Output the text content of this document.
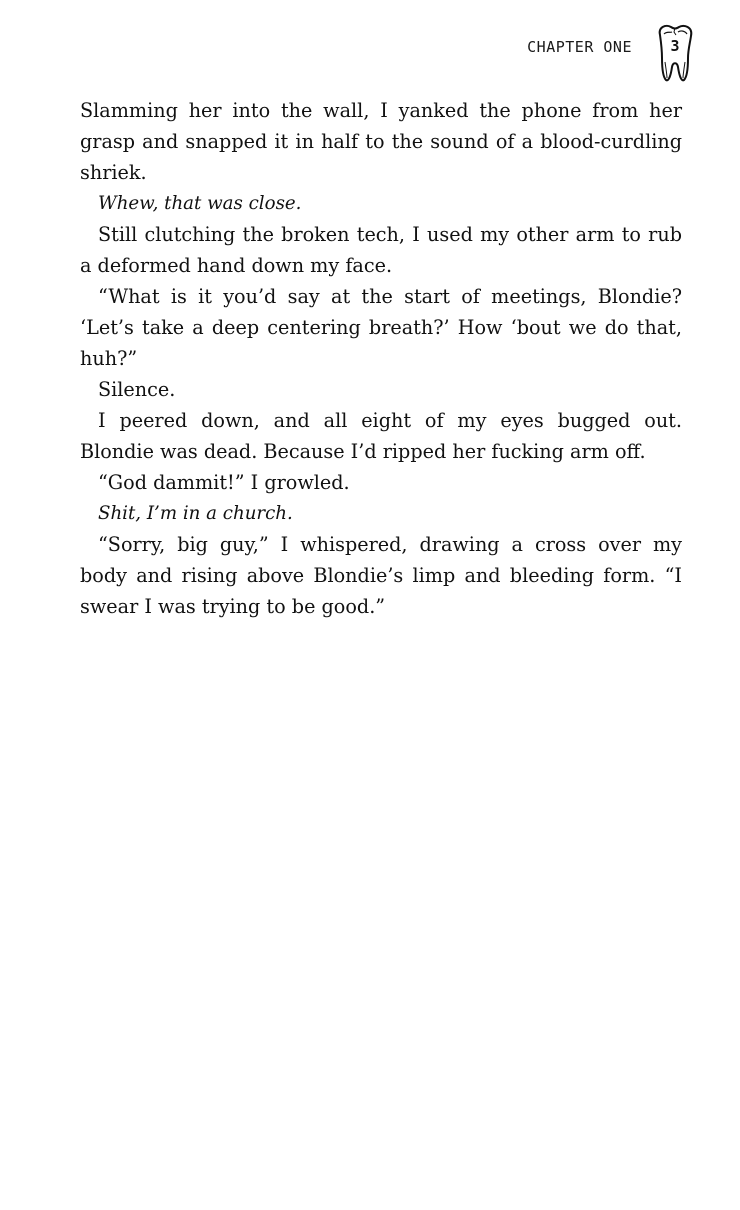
CHAPTER ONE	3

Slamming her into the wall, I yanked the phone from her grasp and snapped it in half to the sound of a blood-curdling shriek.

Whew, that was close.

Still clutching the broken tech, I used my other arm to rub a deformed hand down my face.

“What is it you’d say at the start of meetings, Blondie? ‘Let’s take a deep centering breath?’ How ‘bout we do that, huh?”

Silence.

I peered down, and all eight of my eyes bugged out. Blondie was dead. Because I’d ripped her fucking arm off.

“God dammit!” I growled.

Shit, I’m in a church.

“Sorry, big guy,” I whispered, drawing a cross over my body and rising above Blondie’s limp and bleeding form. “I swear I was trying to be good.”
